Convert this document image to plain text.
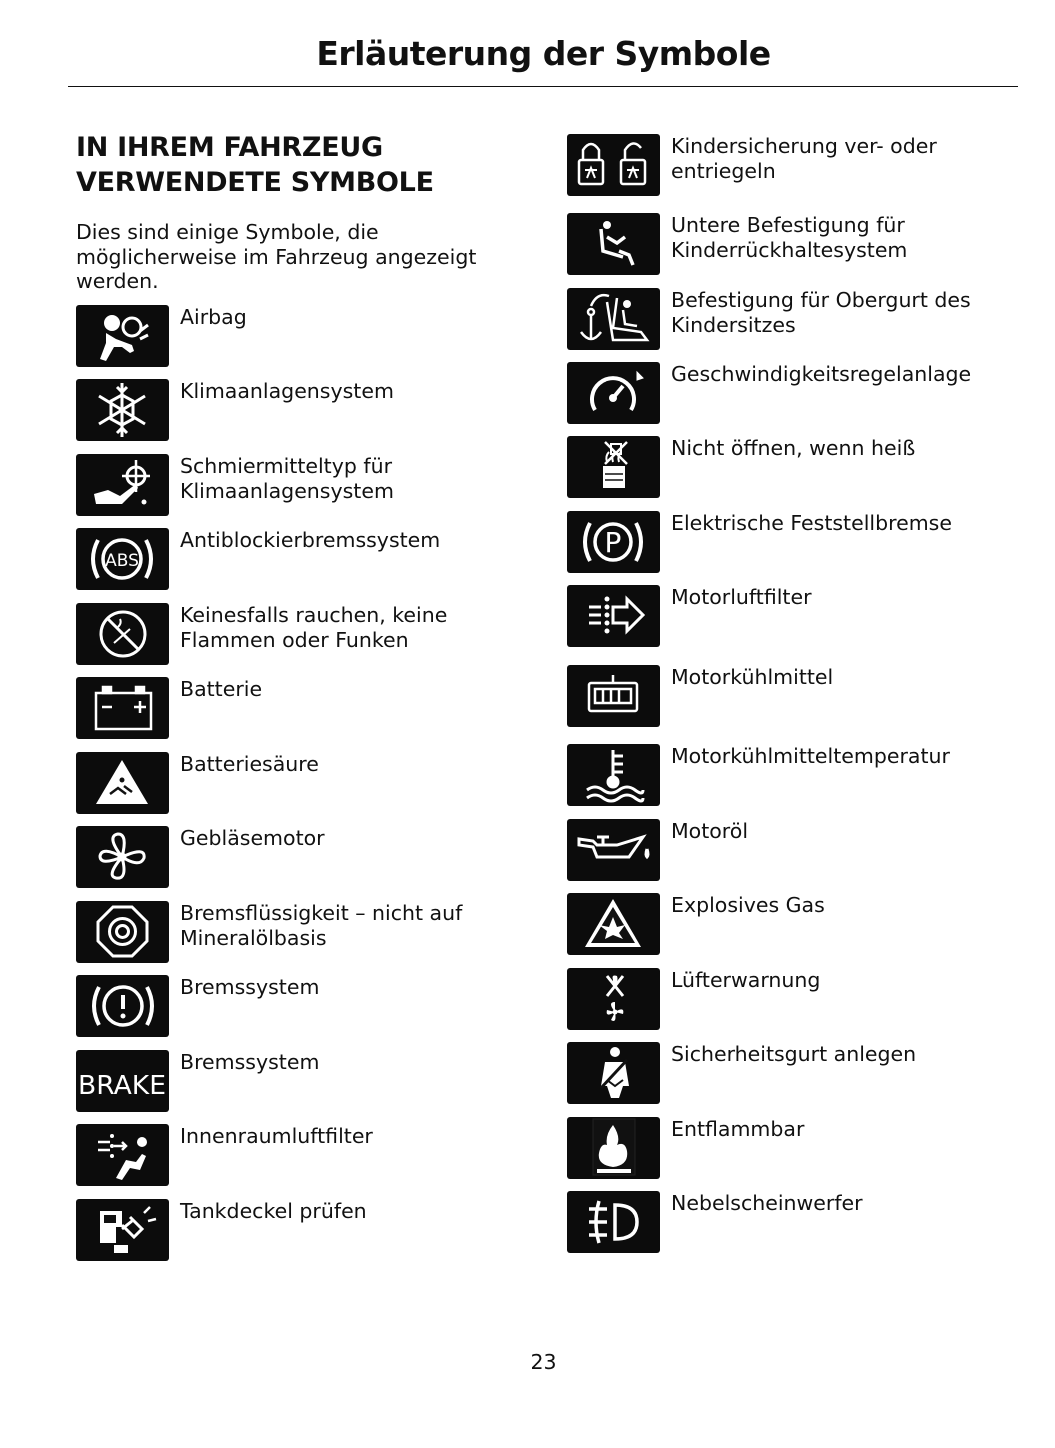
Erläuterung der Symbole
IN IHREM FAHRZEUG
VERWENDETE SYMBOLE
Dies sind einige Symbole, die möglicherweise im Fahrzeug angezeigt werden.
Airbag
Klimaanlagensystem
Schmiermitteltyp für Klimaanlagensystem
ABS
Antiblockierbremssystem
Keinesfalls rauchen, keine Flammen oder Funken
Batterie
Batteriesäure
Gebläsemotor
Bremsflüssigkeit – nicht auf Mineralölbasis
Bremssystem
BRAKE
Bremssystem
Innenraumluftfilter
Tankdeckel prüfen
Kindersicherung ver- oder entriegeln
Untere Befestigung für Kinderrückhaltesystem
Befestigung für Obergurt des Kindersitzes
Geschwindigkeitsregelanlage
Nicht öffnen, wenn heiß
P
Elektrische Feststellbremse
Motorluftfilter
Motorkühlmittel
Motorkühlmitteltemperatur
Motoröl
Explosives Gas
Lüfterwarnung
Sicherheitsgurt anlegen
Entflammbar
Nebelscheinwerfer
23
